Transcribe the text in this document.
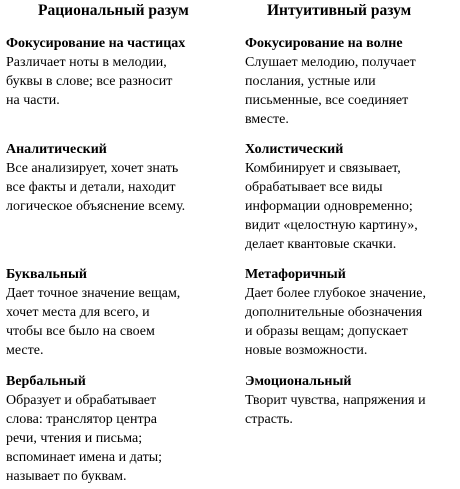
Рациональный разум	Интуитивный разум
Фокусирование на частицах
Различает ноты в мелодии,
буквы в слове; все разносит
на части.
Аналитический
Все анализирует, хочет знать
все факты и детали, находит
логическое объяснение всему.
Буквальный
Дает точное значение вещам,
хочет места для всего, и
чтобы все было на своем
месте.
Вербальный
Образует и обрабатывает
слова: транслятор центра
речи, чтения и письма;
вспоминает имена и даты;
называет по буквам.
Фокусирование на волне
Слушает мелодию, получает
послания, устные или
письменные, все соединяет
вместе.
Холистический
Комбинирует и связывает,
обрабатывает все виды
информации одновременно;
видит «целостную картину»,
делает квантовые скачки.
Метафоричный
Дает более глубокое значение,
дополнительные обозначения
и образы вещам; допускает
новые возможности.
Эмоциональный
Творит чувства, напряжения и
страсть.
